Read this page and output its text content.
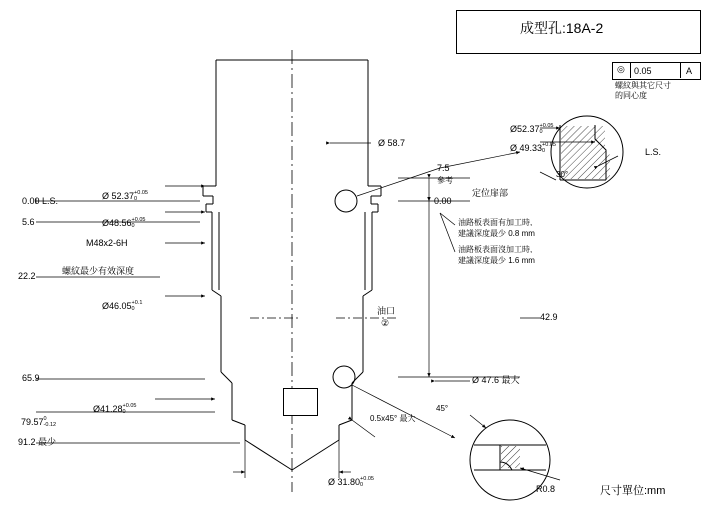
成型孔:18A-2
◎ 0.05	A
螺紋與其它尺寸
的同心度
0.00 L.S.
5.6
22.2
65.9

79.57 0
-0.12

91.2 最少

Ø 52.37 +0.05
0

Ø48.56 +0.05
0

M48x2-6H
螺紋最少有效深度

Ø46.05 +0.1
0

Ø41.28 +0.05
0

Ø 31.80 +0.05
0

Ø 58.7
Ø 47.6 最大
7.5
參考
0.00
定位扉部
油路板表面有加工時,
建議深度最少 0.8 mm
油路板表面沒加工時,
建議深度最少 1.6 mm
42.9
0.5x45° 最大
油口
②

Ø52.37 +0.05
0

Ø 49.33 +0.05
0	L.S.
30°
45°
R0.8	尺寸單位:mm
